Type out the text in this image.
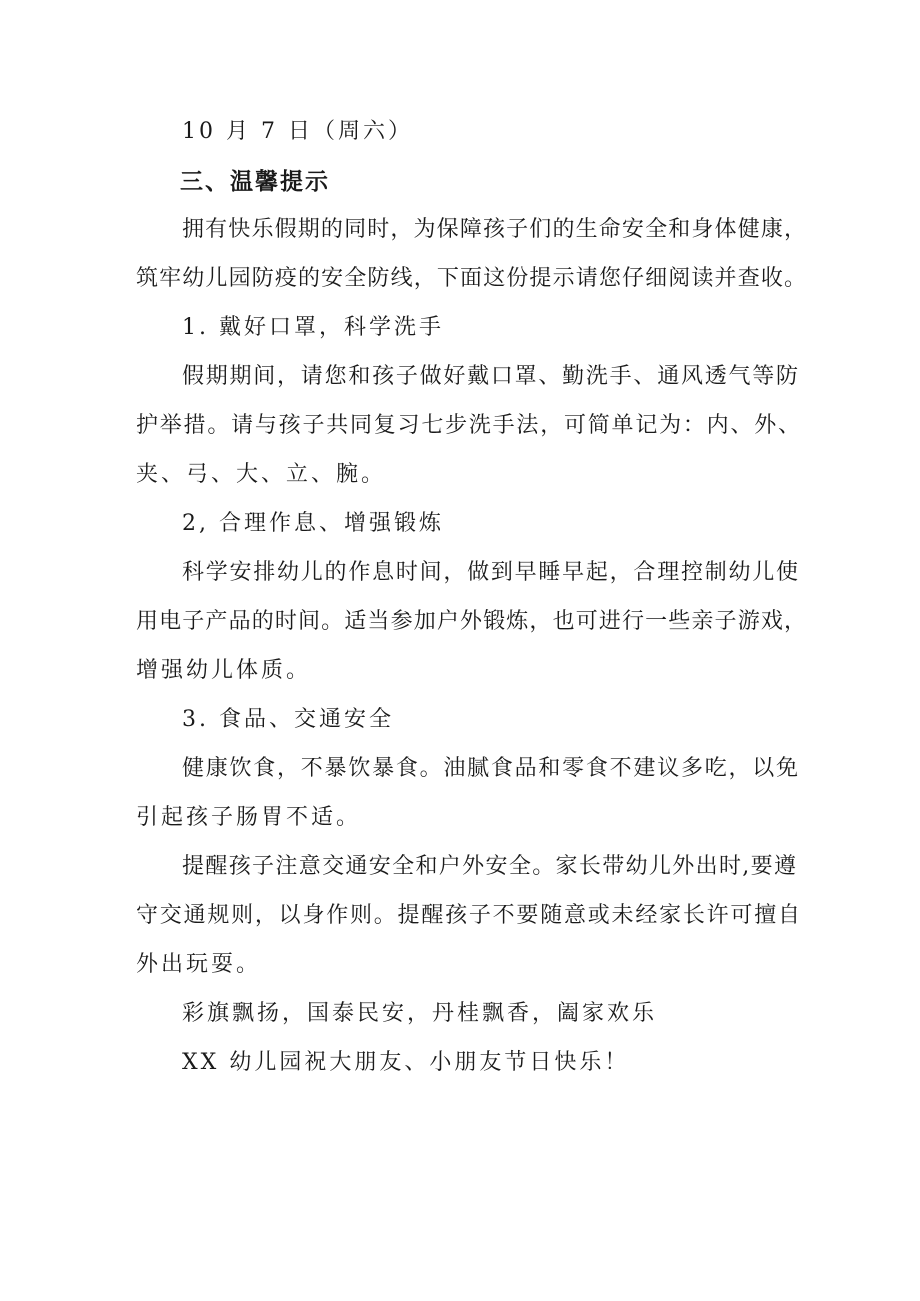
10 月 7 日（周六）
三、温馨提示
拥有快乐假期的同时，为保障孩子们的生命安全和身体健康，
筑牢幼儿园防疫的安全防线，下面这份提示请您仔细阅读并查收。
1. 戴好口罩，科学洗手
假期期间，请您和孩子做好戴口罩、勤洗手、通风透气等防
护举措。请与孩子共同复习七步洗手法，可简单记为：内、外、
夹、弓、大、立、腕。
2, 合理作息、增强锻炼
科学安排幼儿的作息时间，做到早睡早起，合理控制幼儿使
用电子产品的时间。适当参加户外锻炼，也可进行一些亲子游戏，
增强幼儿体质。
3. 食品、交通安全
健康饮食，不暴饮暴食。油腻食品和零食不建议多吃，以免
引起孩子肠胃不适。
提醒孩子注意交通安全和户外安全。家长带幼儿外出时,要遵
守交通规则，以身作则。提醒孩子不要随意或未经家长许可擅自
外出玩耍。
彩旗飘扬，国泰民安，丹桂飘香，阖家欢乐
XX 幼儿园祝大朋友、小朋友节日快乐！
